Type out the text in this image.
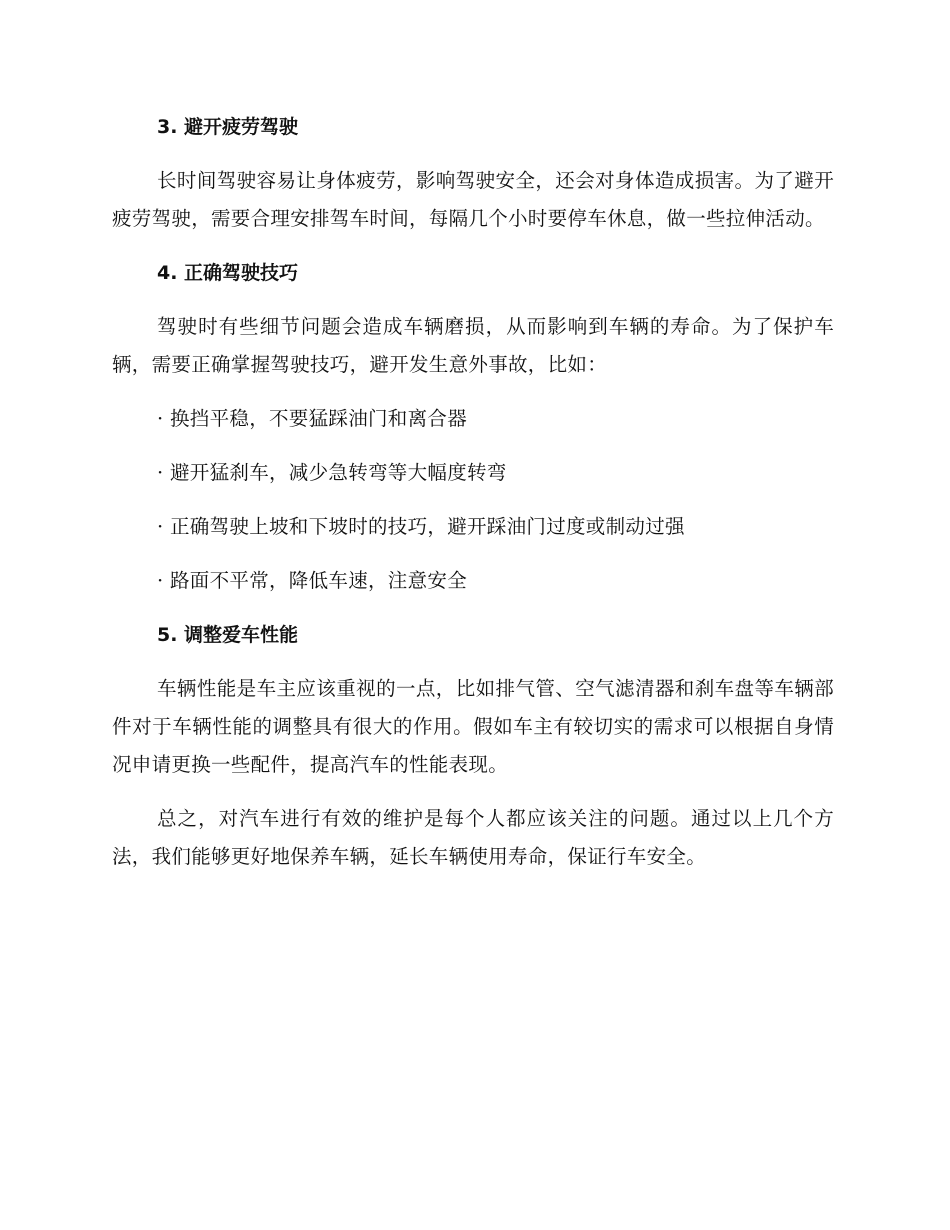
3. 避开疲劳驾驶

长时间驾驶容易让身体疲劳，影响驾驶安全，还会对身体造成损害。为了避开疲劳驾驶，需要合理安排驾车时间，每隔几个小时要停车休息，做一些拉伸活动。

4. 正确驾驶技巧

驾驶时有些细节问题会造成车辆磨损，从而影响到车辆的寿命。为了保护车辆，需要正确掌握驾驶技巧，避开发生意外事故，比如：

· 换挡平稳，不要猛踩油门和离合器
· 避开猛刹车，减少急转弯等大幅度转弯
· 正确驾驶上坡和下坡时的技巧，避开踩油门过度或制动过强
· 路面不平常，降低车速，注意安全
5. 调整爱车性能

车辆性能是车主应该重视的一点，比如排气管、空气滤清器和刹车盘等车辆部件对于车辆性能的调整具有很大的作用。假如车主有较切实的需求可以根据自身情况申请更换一些配件，提高汽车的性能表现。

总之，对汽车进行有效的维护是每个人都应该关注的问题。通过以上几个方法，我们能够更好地保养车辆，延长车辆使用寿命，保证行车安全。
